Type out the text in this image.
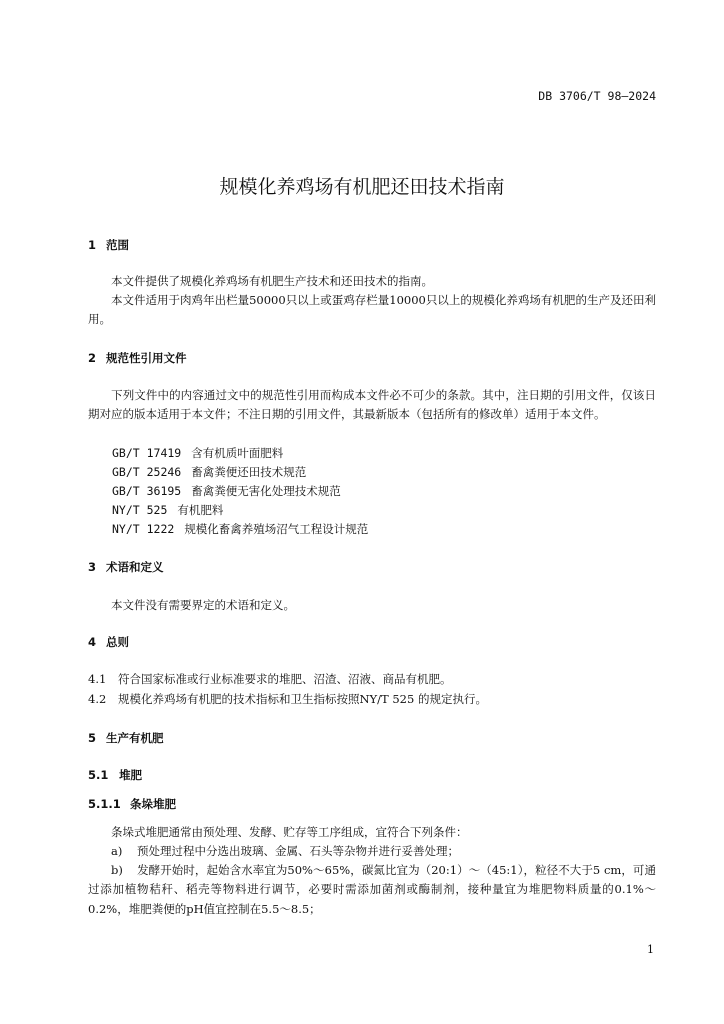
DB 3706/T 98—2024
规模化养鸡场有机肥还田技术指南
1 范围
本文件提供了规模化养鸡场有机肥生产技术和还田技术的指南。
本文件适用于肉鸡年出栏量50000只以上或蛋鸡存栏量10000只以上的规模化养鸡场有机肥的生产及还田利用。
2 规范性引用文件
下列文件中的内容通过文中的规范性引用而构成本文件必不可少的条款。其中，注日期的引用文件，仅该日期对应的版本适用于本文件；不注日期的引用文件，其最新版本（包括所有的修改单）适用于本文件。
GB/T 17419 含有机质叶面肥料
GB/T 25246 畜禽粪便还田技术规范
GB/T 36195 畜禽粪便无害化处理技术规范
NY/T 525 有机肥料
NY/T 1222 规模化畜禽养殖场沼气工程设计规范
3 术语和定义
本文件没有需要界定的术语和定义。
4 总则
4.1 符合国家标准或行业标准要求的堆肥、沼渣、沼液、商品有机肥。
4.2 规模化养鸡场有机肥的技术指标和卫生指标按照NY/T 525 的规定执行。
5 生产有机肥
5.1 堆肥
5.1.1 条垛堆肥
条垛式堆肥通常由预处理、发酵、贮存等工序组成，宜符合下列条件：
a) 预处理过程中分选出玻璃、金属、石头等杂物并进行妥善处理；
b) 发酵开始时，起始含水率宜为50%～65%，碳氮比宜为（20:1）～（45:1），粒径不大于5 cm，可通过添加植物秸秆、稻壳等物料进行调节，必要时需添加菌剂或酶制剂，接种量宜为堆肥物料质量的0.1%～0.2%，堆肥粪便的pH值宜控制在5.5～8.5；
1
